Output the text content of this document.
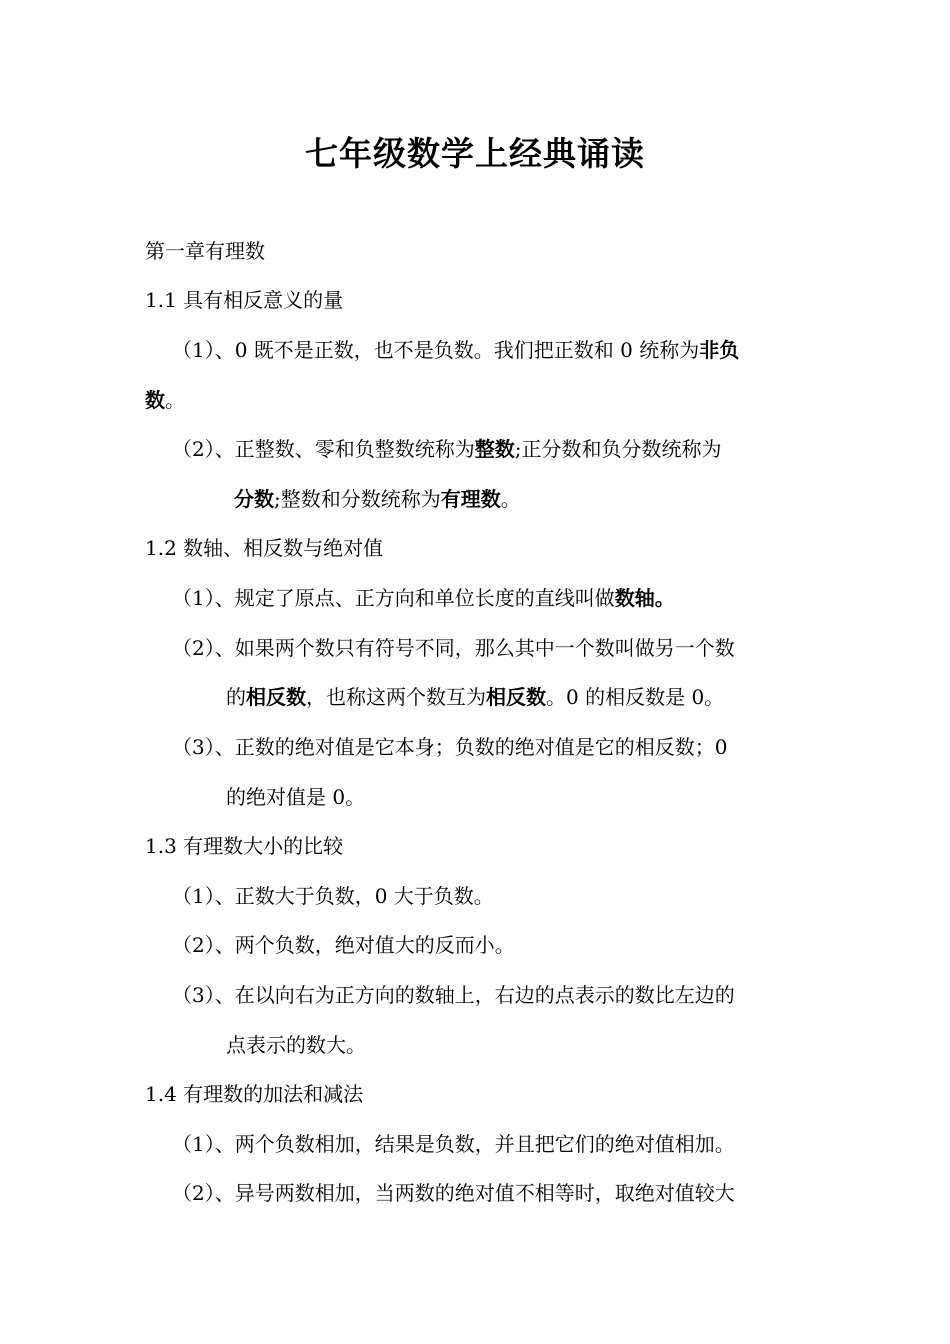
七年级数学上经典诵读
第一章有理数
1.1 具有相反意义的量
（1）、0 既不是正数，也不是负数。我们把正数和 0 统称为非负
数。
（2）、正整数、零和负整数统称为整数;正分数和负分数统称为
分数;整数和分数统称为有理数。
1.2 数轴、相反数与绝对值
（1）、规定了原点、正方向和单位长度的直线叫做数轴。
（2）、如果两个数只有符号不同，那么其中一个数叫做另一个数
的相反数，也称这两个数互为相反数。0 的相反数是 0。
（3）、正数的绝对值是它本身；负数的绝对值是它的相反数；0
的绝对值是 0。
1.3 有理数大小的比较
（1）、正数大于负数，0 大于负数。
（2）、两个负数，绝对值大的反而小。
（3）、在以向右为正方向的数轴上，右边的点表示的数比左边的
点表示的数大。
1.4 有理数的加法和减法
（1）、两个负数相加，结果是负数，并且把它们的绝对值相加。
（2）、异号两数相加，当两数的绝对值不相等时，取绝对值较大
